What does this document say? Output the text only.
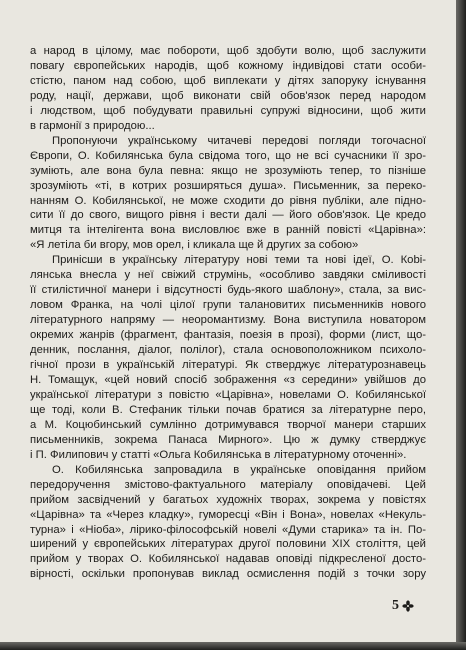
а народ в цілому, має побороти, щоб здобути волю, щоб заслужити

повагу європейських народів, щоб кожному індивідові стати особи-

стістю, паном над собою, щоб виплекати у дітях запоруку існування

роду, нації, держави, щоб виконати свій обов'язок перед народом

і людством, щоб побудувати правильні супружі відносини, щоб жити

в гармонії з природою...

Пропонуючи українському читачеві передові погляди тогочасної

Європи, О. Кобилянська була свідома того, що не всі сучасники її зро-

зуміють, але вона була певна: якщо не зрозуміють тепер, то пізніше

зрозуміють «ті, в котрих розширяться душа». Письменник, за переко-

нанням О. Кобилянської, не може сходити до рівня публіки, але підно-

сити її до свого, вищого рівня і вести далі — його обов'язок. Це кредо

митця та інтелігента вона висловлює вже в ранній повісті «Царівна»:

«Я летіла би вгору, мов орел, і кликала ще й других за собою»

Принісши в українську літературу нові теми та нові ідеї, О. Кobi-

лянська внесла у неї свіжий струмінь, «особливо завдяки сміливості

її стилістичної манери і відсутності будь-якого шаблону», стала, за вис-

ловом Франка, на чолі цілої групи талановитих письменників нового

літературного напряму — неоромантизму. Вона виступила новатором

окремих жанрів (фрагмент, фантазія, поезія в прозі), форми (лист, що-

денник, послання, діалог, полілог), стала основоположником психоло-

гічної прози в українській літературі. Як стверджує літературознавець

Н. Томащук, «цей новий спосіб зображення «з середини» увійшов до

української літератури з повістю «Царівна», новелами О. Кобилянської

ще тоді, коли В. Стефаник тільки почав братися за літературне перо,

а М. Коцюбинський сумлінно дотримувався творчої манери старших

письменників, зокрема Панаса Мирного». Цю ж думку стверджує

і П. Филипович у статті «Ольга Кобилянська в літературному оточенні».

О. Кобилянська запровадила в українське оповідання прийом

передоручення змістово-фактуального матеріалу оповідачеві. Цей

прийом засвідчений у багатьох художніх творах, зокрема у повістях

«Царівна» та «Через кладку», гуморесці «Він і Вона», новелах «Некуль-

турна» і «Ніоба», лірико-філософській новелі «Думи старика» та ін. По-

ширений у європейських літературах другої половини XIX століття, цей

прийом у творах О. Кобилянської надавав оповіді підкресленої досто-

вірності, оскільки пропонував виклад осмислення подій з точки зору

5
